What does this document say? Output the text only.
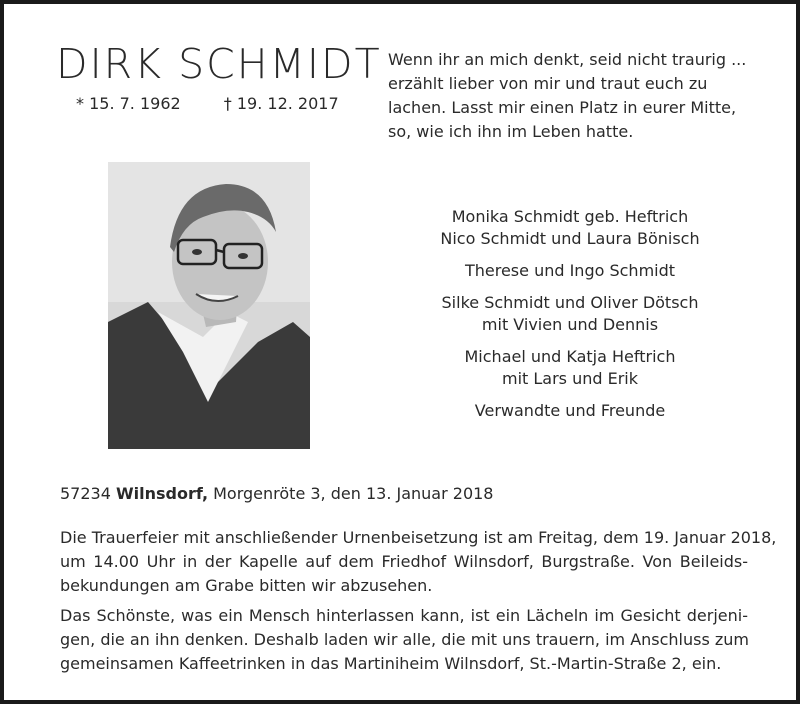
DIRK SCHMIDT
* 15. 7. 1962	† 19. 12. 2017
Wenn ihr an mich denkt, seid nicht traurig ...
erzählt lieber von mir und traut euch zu
lachen. Lasst mir einen Platz in eurer Mitte,
so, wie ich ihn im Leben hatte.
Monika Schmidt geb. Heftrich
Nico Schmidt und Laura Bönisch
Therese und Ingo Schmidt
Silke Schmidt und Oliver Dötsch
mit Vivien und Dennis
Michael und Katja Heftrich
mit Lars und Erik
Verwandte und Freunde
57234 Wilnsdorf, Morgenröte 3, den 13. Januar 2018

Die Trauerfeier mit anschließender Urnenbeisetzung ist am Freitag, dem 19. Januar 2018,
um 14.00 Uhr in der Kapelle auf dem Friedhof Wilnsdorf, Burgstraße. Von Beileids-
bekundungen am Grabe bitten wir abzusehen.

Das Schönste, was ein Mensch hinterlassen kann, ist ein Lächeln im Gesicht derjeni-
gen, die an ihn denken. Deshalb laden wir alle, die mit uns trauern, im Anschluss zum
gemeinsamen Kaffeetrinken in das Martiniheim Wilnsdorf, St.-Martin-Straße 2, ein.
